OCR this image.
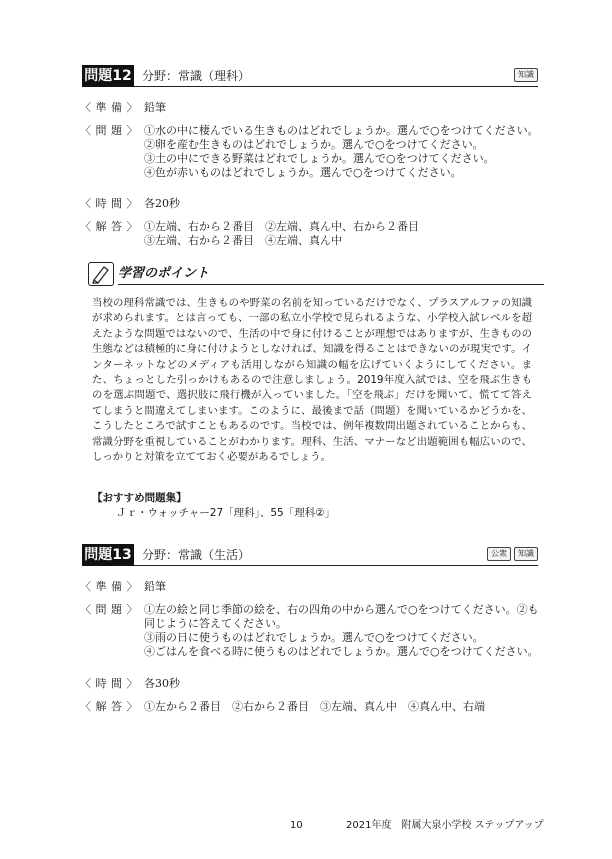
問題12 分野：常識（理科）	知識
〈 準 備 〉 鉛筆
〈 問 題 〉 ①水の中に棲んでいる生きものはどれでしょうか。選んで○をつけてください。
②卵を産む生きものはどれでしょうか。選んで○をつけてください。
③土の中にできる野菜はどれでしょうか。選んで○をつけてください。
④色が赤いものはどれでしょうか。選んで○をつけてください。
〈 時 間 〉 各20秒
〈 解 答 〉 ①左端、右から２番目　②左端、真ん中、右から２番目
③左端、右から２番目　④左端、真ん中
学習のポイント
当校の理科常識では、生きものや野菜の名前を知っているだけでなく、プラスアルファの知識が求められます。とは言っても、一部の私立小学校で見られるような、小学校入試レベルを超えたような問題ではないので、生活の中で身に付けることが理想ではありますが、生きものの生態などは積極的に身に付けようとしなければ、知識を得ることはできないのが現実です。インターネットなどのメディアも活用しながら知識の幅を広げていくようにしてください。また、ちょっとした引っかけもあるので注意しましょう。2019年度入試では、空を飛ぶ生きものを選ぶ問題で、選択肢に飛行機が入っていました。「空を飛ぶ」だけを聞いて、慌てて答えてしまうと間違えてしまいます。このように、最後まで話（問題）を聞いているかどうかを、こうしたところで試すこともあるのです。当校では、例年複数問出題されていることからも、常識分野を重視していることがわかります。理科、生活、マナーなど出題範囲も幅広いので、しっかりと対策を立てておく必要があるでしょう。
【おすすめ問題集】
Ｊｒ・ウォッチャー27「理科」、55「理科②」
問題13 分野：常識（生活）	公衆	知識
〈 準 備 〉 鉛筆
〈 問 題 〉 ①左の絵と同じ季節の絵を、右の四角の中から選んで○をつけてください。②も同じように答えてください。
③雨の日に使うものはどれでしょうか。選んで○をつけてください。
④ごはんを食べる時に使うものはどれでしょうか。選んで○をつけてください。
〈 時 間 〉 各30秒
〈 解 答 〉 ①左から２番目　②右から２番目　③左端、真ん中　④真ん中、右端
10	2021年度　附属大泉小学校 ステップアップ
